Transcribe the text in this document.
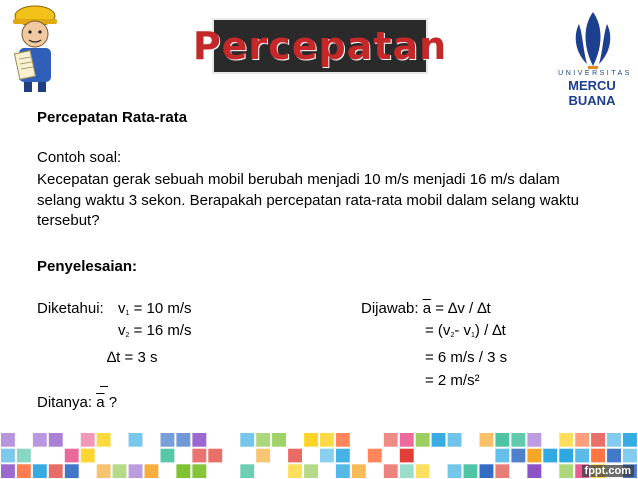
Percepatan
UNIVERSITAS
MERCU BUANA
Percepatan Rata-rata
Contoh soal:
Kecepatan gerak sebuah mobil berubah menjadi 10 m/s menjadi 16 m/s dalam selang waktu 3 sekon. Berapakah percepatan rata-rata mobil dalam selang waktu tersebut?
Penyelesaian:
Diketahui: $v_1 = 10$ m/s
$v_2 = 16$ m/s
∆t = 3 s
Ditanya: $\overline{a}$ ?
Dijawab: $\overline{a} = \Delta v / \Delta t$
= ($v_2-$ $v_1) / \Delta t$
= 6 m/s / 3 s
= 2 m/s²
fppt.com
